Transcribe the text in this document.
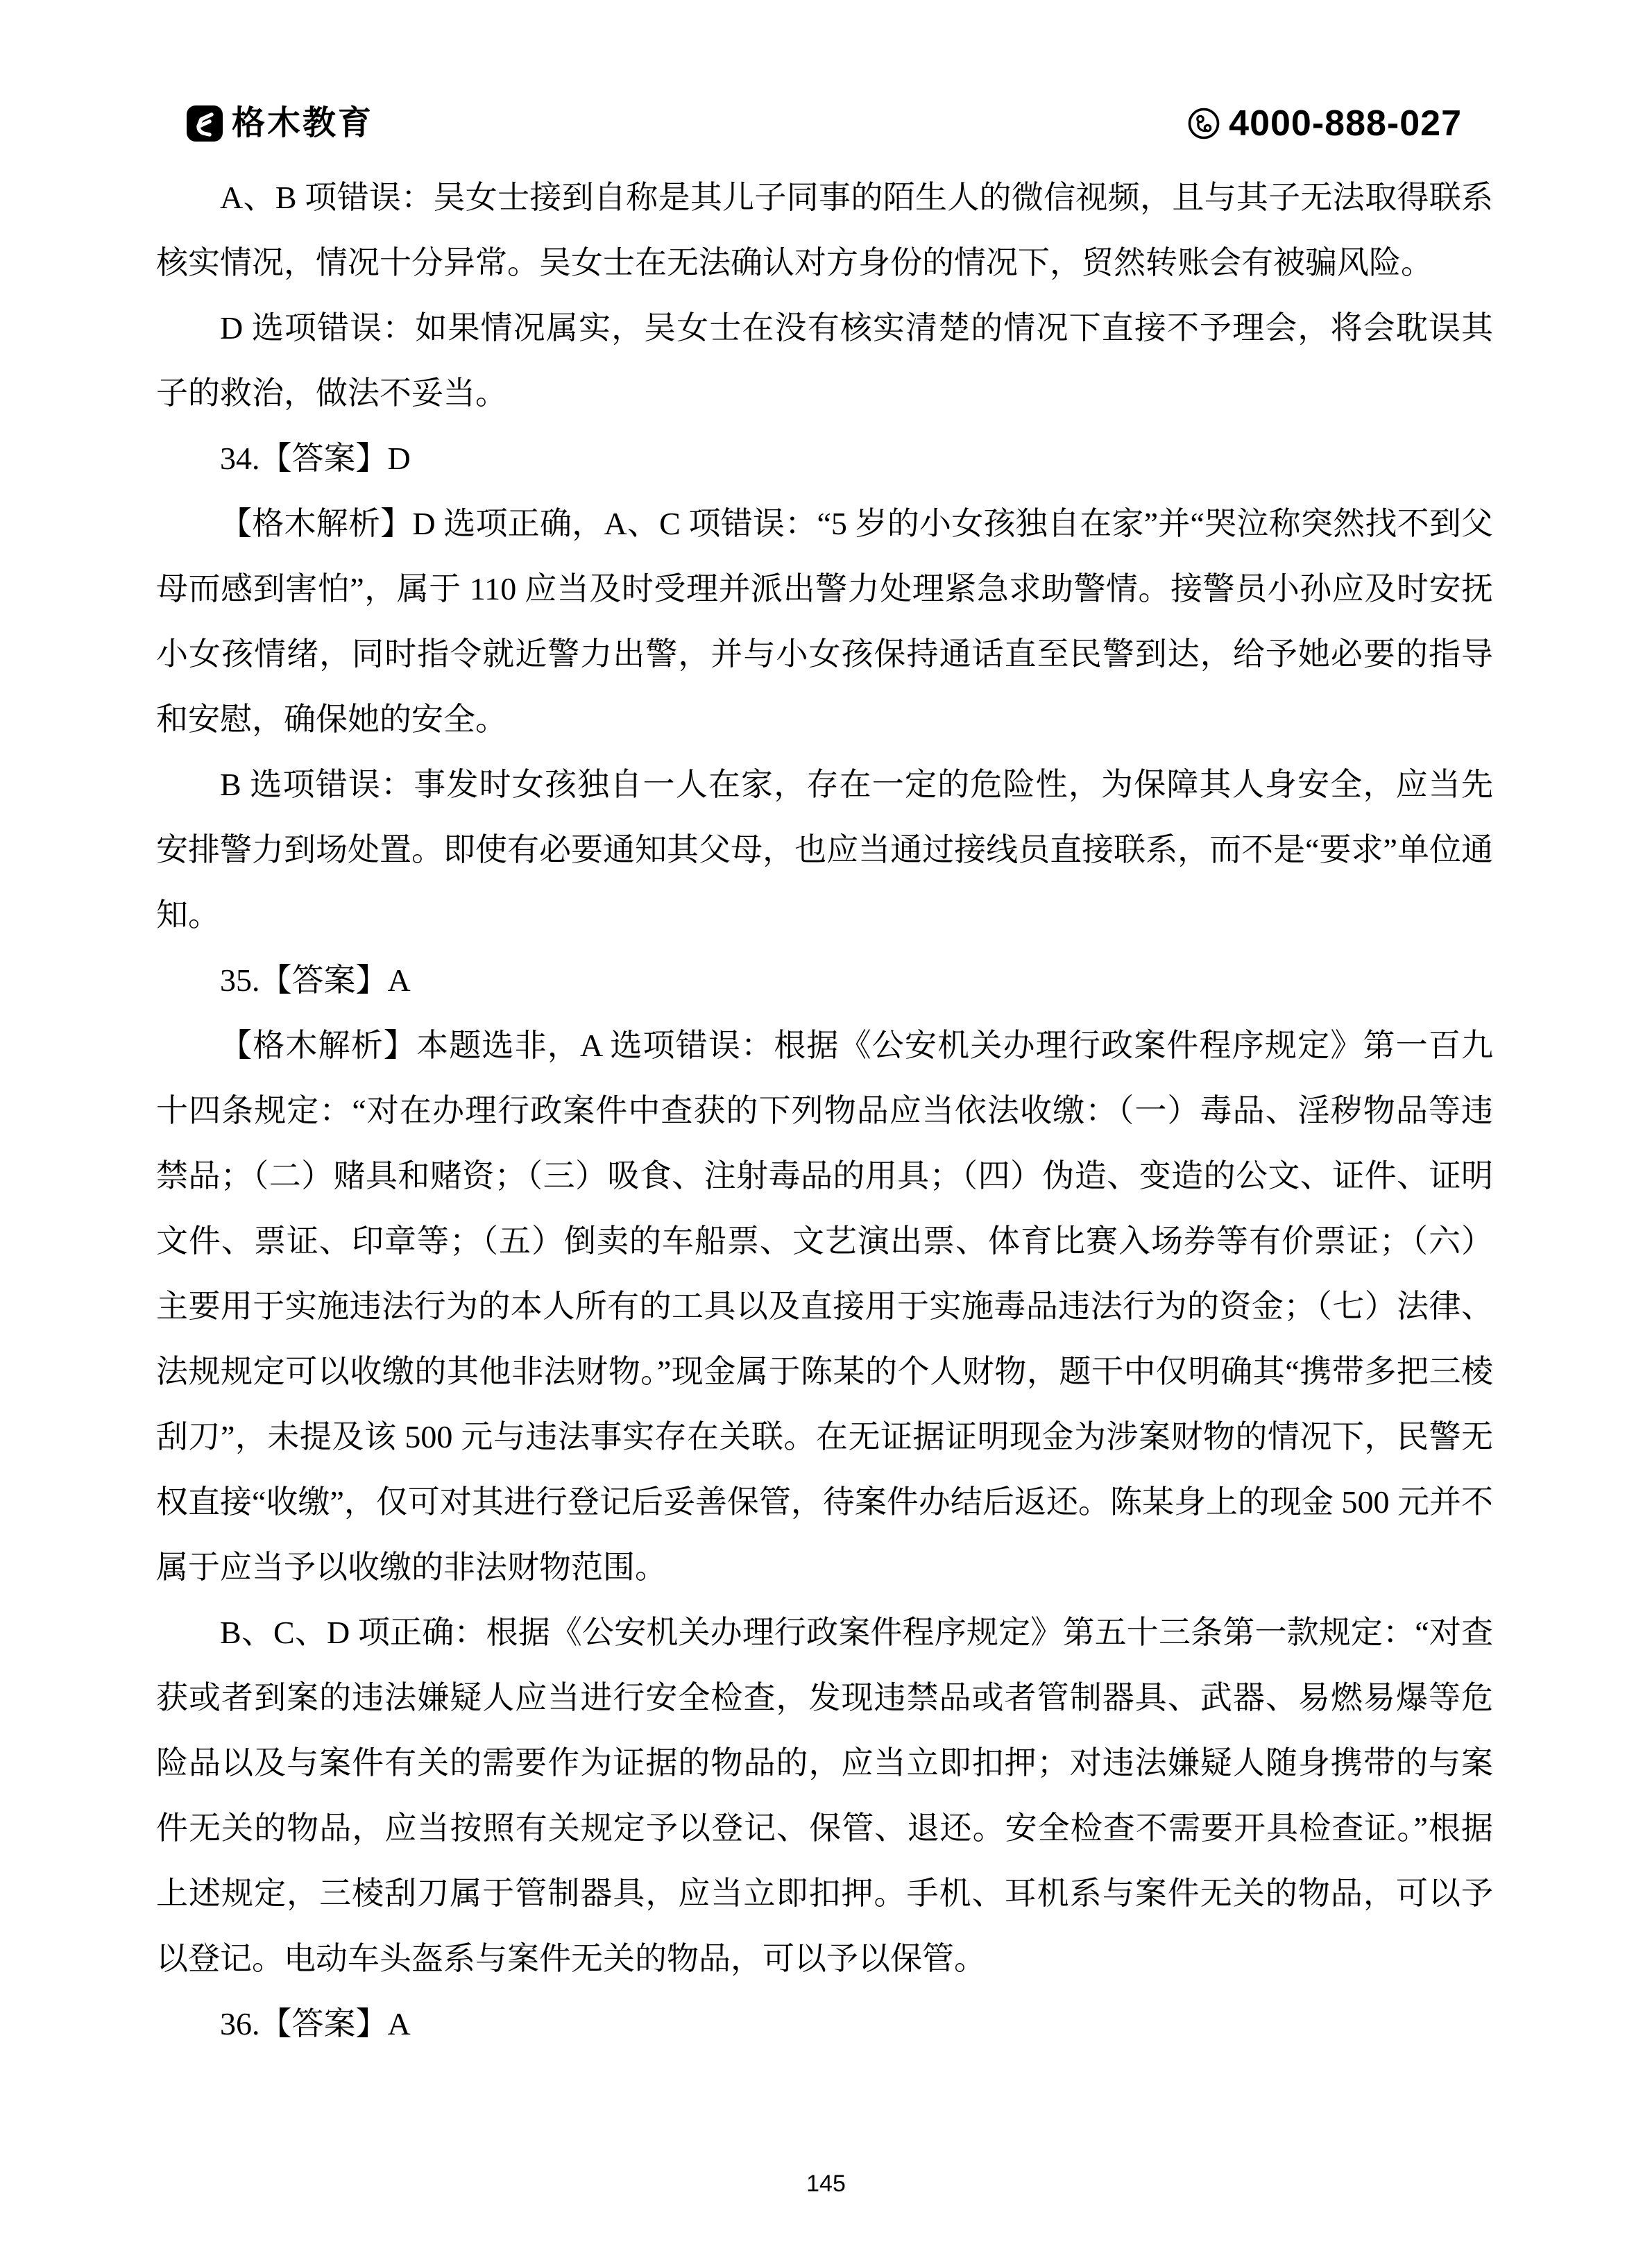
格木教育	4000-888-027

A、B 项错误：吴女士接到自称是其儿子同事的陌生人的微信视频，且与其子无法取得联系核实情况，情况十分异常。吴女士在无法确认对方身份的情况下，贸然转账会有被骗风险。

D 选项错误：如果情况属实，吴女士在没有核实清楚的情况下直接不予理会，将会耽误其子的救治，做法不妥当。

34.【答案】D

【格木解析】D 选项正确，A、C 项错误：“5 岁的小女孩独自在家”并“哭泣称突然找不到父母而感到害怕”，属于 110 应当及时受理并派出警力处理紧急求助警情。接警员小孙应及时安抚小女孩情绪，同时指令就近警力出警，并与小女孩保持通话直至民警到达，给予她必要的指导和安慰，确保她的安全。

B 选项错误：事发时女孩独自一人在家，存在一定的危险性，为保障其人身安全，应当先安排警力到场处置。即使有必要通知其父母，也应当通过接线员直接联系，而不是“要求”单位通知。

35.【答案】A

【格木解析】本题选非，A 选项错误：根据《公安机关办理行政案件程序规定》第一百九十四条规定：“对在办理行政案件中查获的下列物品应当依法收缴：（一）毒品、淫秽物品等违禁品；（二）赌具和赌资；（三）吸食、注射毒品的用具；（四）伪造、变造的公文、证件、证明文件、票证、印章等；（五）倒卖的车船票、文艺演出票、体育比赛入场券等有价票证；（六）主要用于实施违法行为的本人所有的工具以及直接用于实施毒品违法行为的资金；（七）法律、法规规定可以收缴的其他非法财物。”现金属于陈某的个人财物，题干中仅明确其“携带多把三棱刮刀”，未提及该 500 元与违法事实存在关联。在无证据证明现金为涉案财物的情况下，民警无权直接“收缴”，仅可对其进行登记后妥善保管，待案件办结后返还。陈某身上的现金 500 元并不属于应当予以收缴的非法财物范围。

B、C、D 项正确：根据《公安机关办理行政案件程序规定》第五十三条第一款规定：“对查获或者到案的违法嫌疑人应当进行安全检查，发现违禁品或者管制器具、武器、易燃易爆等危险品以及与案件有关的需要作为证据的物品的，应当立即扣押；对违法嫌疑人随身携带的与案件无关的物品，应当按照有关规定予以登记、保管、退还。安全检查不需要开具检查证。”根据上述规定，三棱刮刀属于管制器具，应当立即扣押。手机、耳机系与案件无关的物品，可以予以登记。电动车头盔系与案件无关的物品，可以予以保管。

36.【答案】A

145
